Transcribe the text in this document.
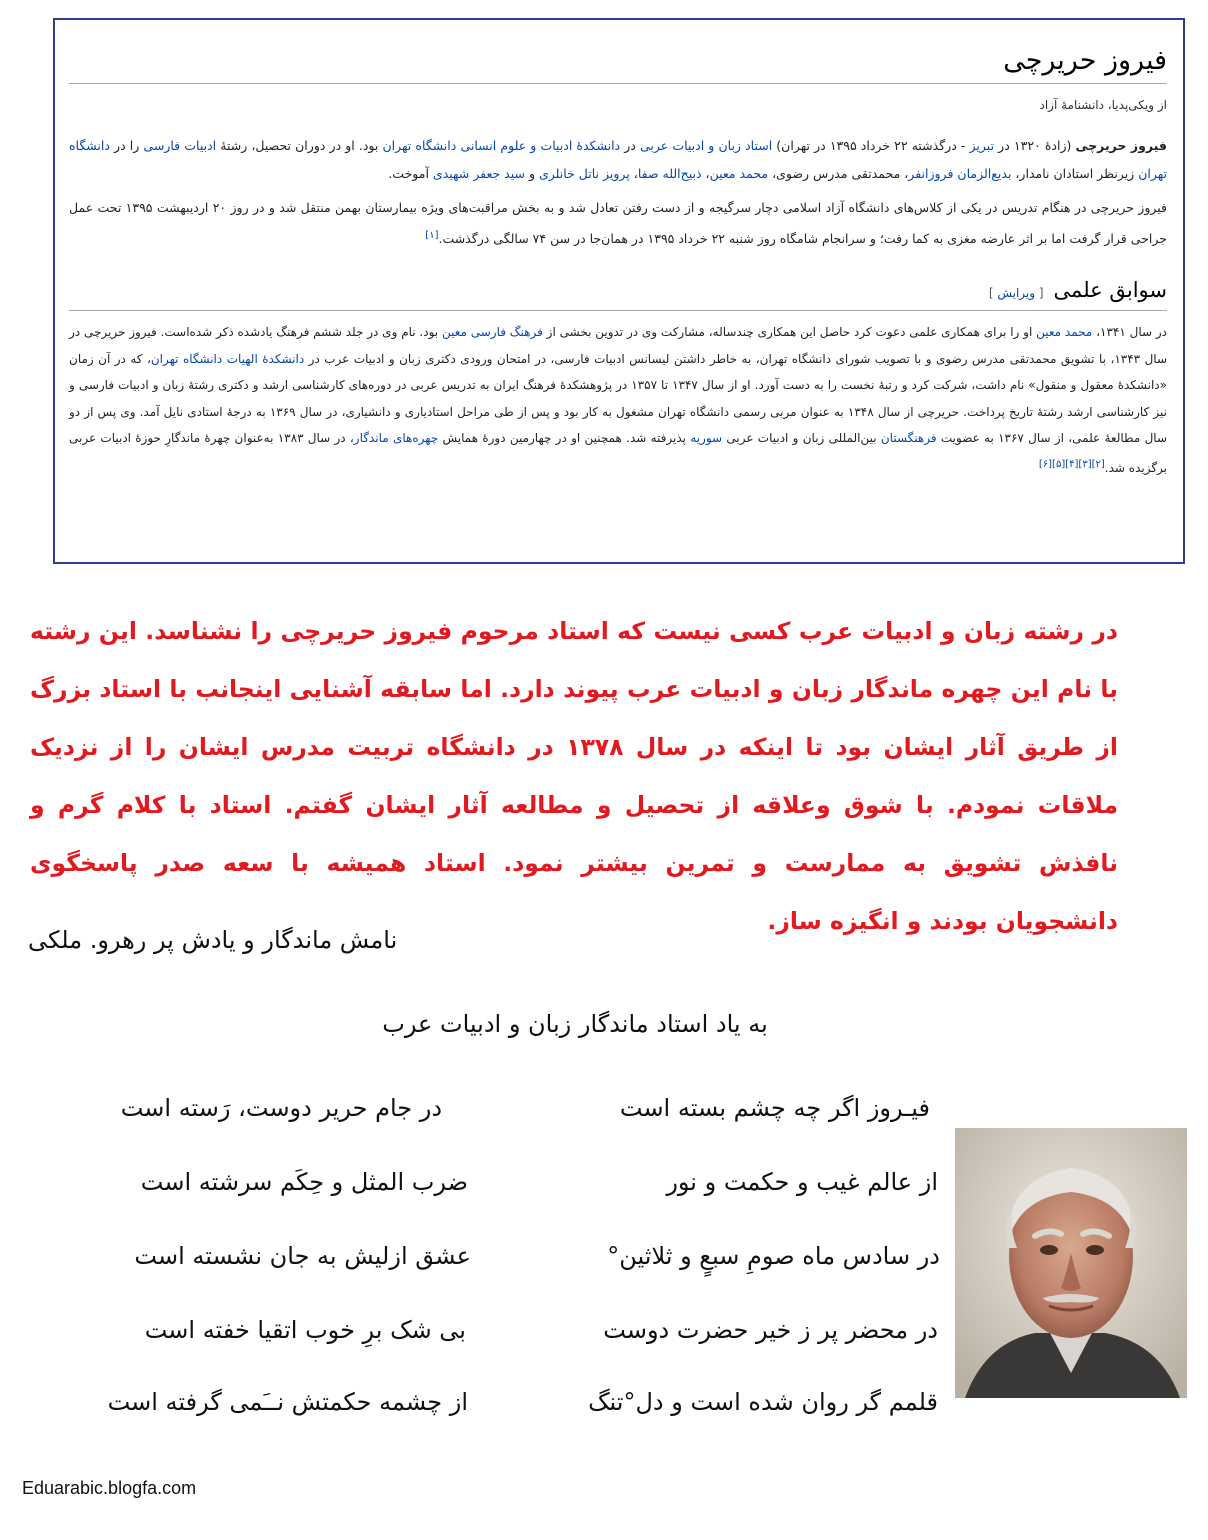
فیروز حریرچی
از ویکی‌پدیا، دانشنامهٔ آزاد

فیروز حریرچی (زادهٔ ۱۳۲۰ در تبریز - درگذشته ۲۲ خرداد ۱۳۹۵ در تهران) استاد زبان و ادبیات عربی در دانشکدهٔ ادبیات و علوم انسانی دانشگاه تهران بود. او در دوران تحصیل، رشتهٔ ادبیات فارسی را در دانشگاه تهران زیرنظر استادان نامدار، بدیع‌الزمان فروزانفر، محمدتقی مدرس رضوی، محمد معین، ذبیح‌الله صفا، پرویز ناتل خانلری و سید جعفر شهیدی آموخت.

فیروز حریرچی در هنگام تدریس در یکی از کلاس‌های دانشگاه آزاد اسلامی دچار سرگیجه و از دست رفتن تعادل شد و به بخش مراقبت‌های ویژه بیمارستان بهمن منتقل شد و در روز ۲۰ اردیبهشت ۱۳۹۵ تحت عمل جراحی قرار گرفت اما بر اثر عارضه مغزی به کما رفت؛ و سرانجام شامگاه روز شنبه ۲۲ خرداد ۱۳۹۵ در همان‌جا در سن ۷۴ سالگی درگذشت.[۱]

سوابق علمی[ ویرایش ]

در سال ۱۳۴۱، محمد معین او را برای همکاری علمی دعوت کرد حاصل این همکاری چندساله، مشارکت وی در تدوین بخشی از فرهنگ فارسی معین بود. نام وی در جلد ششم فرهنگ یادشده ذکر شده‌است. فیروز حریرچی در سال ۱۳۴۳، با تشویق محمدتقی مدرس رضوی و با تصویب شورای دانشگاه تهران، به خاطر داشتن لیسانس ادبیات فارسی، در امتحان ورودی دکتری زبان و ادبیات عرب در دانشکدهٔ الهیات دانشگاه تهران، که در آن زمان «دانشکدهٔ معقول و منقول» نام داشت، شرکت کرد و رتبهٔ نخست را به دست آورد. او از سال ۱۳۴۷ تا ۱۳۵۷ در پژوهشکدهٔ فرهنگ ایران به تدریس عربی در دوره‌های کارشناسی ارشد و دکتری رشتهٔ زبان و ادبیات فارسی و نیز کارشناسی ارشد رشتهٔ تاریخ پرداخت. حریرچی از سال ۱۳۴۸ به عنوان مربی رسمی دانشگاه تهران مشغول به کار بود و پس از طی مراحل استادیاری و دانشیاری، در سال ۱۳۶۹ به درجهٔ استادی نایل آمد. وی پس از دو سال مطالعهٔ علمی، از سال ۱۳۶۷ به عضویت فرهنگستان بین‌المللی زبان و ادبیات عربی سوریه پذیرفته شد. همچنین او در چهارمین دورهٔ همایش چهره‌های ماندگار، در سال ۱۳۸۳ به‌عنوان چهرهٔ ماندگارِ حوزهٔ ادبیات عربی برگزیده شد.[۲][۳][۴][۵][۶]

در رشته زبان و ادبیات عرب کسی نیست که استاد مرحوم فیروز حریرچی را نشناسد. این رشته با نام این چهره ماندگار زبان و ادبیات عرب پیوند دارد. اما سابقه آشنایی اینجانب با استاد بزرگ از طریق آثار ایشان بود تا اینکه در سال ۱۳۷۸ در دانشگاه تربیت مدرس ایشان را از نزدیک ملاقات نمودم. با شوق وعلاقه از تحصیل و مطالعه آثار ایشان گفتم. استاد با کلام گرم و نافذش تشویق به ممارست و تمرین بیشتر نمود. استاد همیشه با سعه صدر پاسخگوی دانشجویان بودند و انگیزه ساز.

نامش ماندگار و یادش پر رهرو. ملکی
به یاد استاد ماندگار زبان و ادبیات عرب
فیـروز اگر چه چشم بسته است
از عالم غیب و حکمت و نور
در سادس ماه صومِ سبعٍ و ثلاثین°
در محضر پر ز خیر حضرت دوست
قلمم گر روان شده است و دل°تنگ
در جام حریر دوست، رَسته است
ضرب المثل و حِکَم سرشته است
عشق ازلیش به جان نشسته است
بی شک برِ خوب اتقیا خفته است
از چشمه حکمتش نــَمی گرفته است
Eduarabic.blogfa.com
